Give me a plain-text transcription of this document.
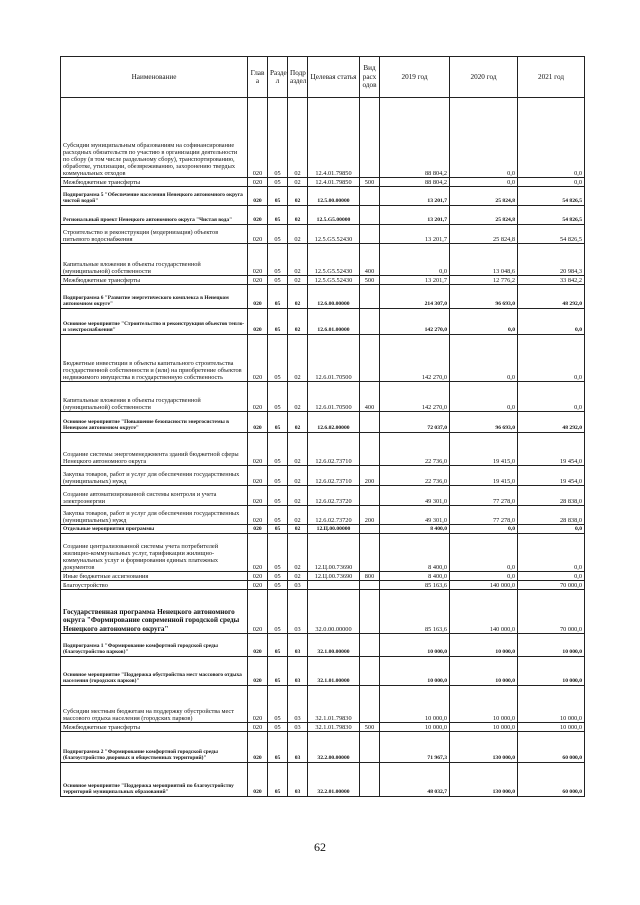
Наименование	Глав а	Разде л	Подр аздел	Целевая статья	Вид расх одов	2019 год	2020 год	2021 год
Субсидии муниципальным образованиям на софинансирование расходных обязательств по участию в организации деятельности по сбору (в том числе раздельному сбору), транспортированию, обработке, утилизации, обезвреживанию, захоронению твердых коммунальных отходов	020	05	02	12.4.01.79850		88 804,2	0,0	0,0
Межбюджетные трансферты	020	05	02	12.4.01.79850	500	88 804,2	0,0	0,0
Подпрограмма 5 "Обеспечение населения Ненецкого автономного округа чистой водой"	020	05	02	12.5.00.00000		13 201,7	25 824,8	54 826,5
Региональный проект Ненецкого автономного округа "Чистая вода"	020	05	02	12.5.G5.00000		13 201,7	25 824,8	54 826,5
Строительство и реконструкция (модернизация) объектов питьевого водоснабжения	020	05	02	12.5.G5.52430		13 201,7	25 824,8	54 826,5
Капитальные вложения в объекты государственной (муниципальной) собственности	020	05	02	12.5.G5.52430	400	0,0	13 048,6	20 984,3
Межбюджетные трансферты	020	05	02	12.5.G5.52430	500	13 201,7	12 776,2	33 842,2
Подпрограмма 6 "Развитие энергетического комплекса в Ненецком автономном округе"	020	05	02	12.6.00.00000		214 307,0	96 693,0	48 292,0
Основное мероприятие "Строительство и реконструкция объектов тепло- и электроснабжения"	020	05	02	12.6.01.00000		142 270,0	0,0	0,0
Бюджетные инвестиции в объекты капитального строительства государственной собственности и (или) на приобретение объектов недвижимого имущества в государственную собственность	020	05	02	12.6.01.70500		142 270,0	0,0	0,0
Капитальные вложения в объекты государственной (муниципальной) собственности	020	05	02	12.6.01.70500	400	142 270,0	0,0	0,0
Основное мероприятие "Повышение безопасности энергосистемы в Ненецком автономном округе"	020	05	02	12.6.02.00000		72 037,0	96 693,0	48 292,0
Создание системы энергоменеджмента зданий бюджетной сферы Ненецкого автономного округа	020	05	02	12.6.02.73710		22 736,0	19 415,0	19 454,0
Закупка товаров, работ и услуг для обеспечения государственных (муниципальных) нужд	020	05	02	12.6.02.73710	200	22 736,0	19 415,0	19 454,0
Создание автоматизированной системы контроля и учета электроэнергии	020	05	02	12.6.02.73720		49 301,0	77 278,0	28 838,0
Закупка товаров, работ и услуг для обеспечения государственных (муниципальных) нужд	020	05	02	12.6.02.73720	200	49 301,0	77 278,0	28 838,0
Отдельные мероприятия программы	020	05	02	12.Ц.00.00000		8 400,0	0,0	0,0
Создание централизованной системы учета потребителей жилищно-коммунальных услуг, тарификации жилищно-коммунальных услуг и формирования единых платежных документов	020	05	02	12.Ц.00.73690		8 400,0	0,0	0,0
Иные бюджетные ассигнования	020	05	02	12.Ц.00.73690	800	8 400,0	0,0	0,0
Благоустройство	020	05	03			85 163,6	140 000,0	70 000,0
Государственная программа Ненецкого автономного округа "Формирование современной городской среды Ненецкого автономного округа"	020	05	03	32.0.00.00000		85 163,6	140 000,0	70 000,0
Подпрограмма 1 "Формирование комфортной городской среды (благоустройство парков)"	020	05	03	32.1.00.00000		10 000,0	10 000,0	10 000,0
Основное мероприятие "Поддержка обустройства мест массового отдыха населения (городских парков)"	020	05	03	32.1.01.00000		10 000,0	10 000,0	10 000,0
Субсидии местным бюджетам на поддержку обустройства мест массового отдыха населения (городских парков)	020	05	03	32.1.01.79830		10 000,0	10 000,0	10 000,0
Межбюджетные трансферты	020	05	03	32.1.01.79830	500	10 000,0	10 000,0	10 000,0
Подпрограмма 2 "Формирование комфортной городской среды (благоустройство дворовых и общественных территорий)"	020	05	03	32.2.00.00000		71 967,3	130 000,0	60 000,0
Основное мероприятие "Поддержка мероприятий по благоустройству территорий муниципальных образований"	020	05	03	32.2.01.00000		48 032,7	130 000,0	60 000,0
62
